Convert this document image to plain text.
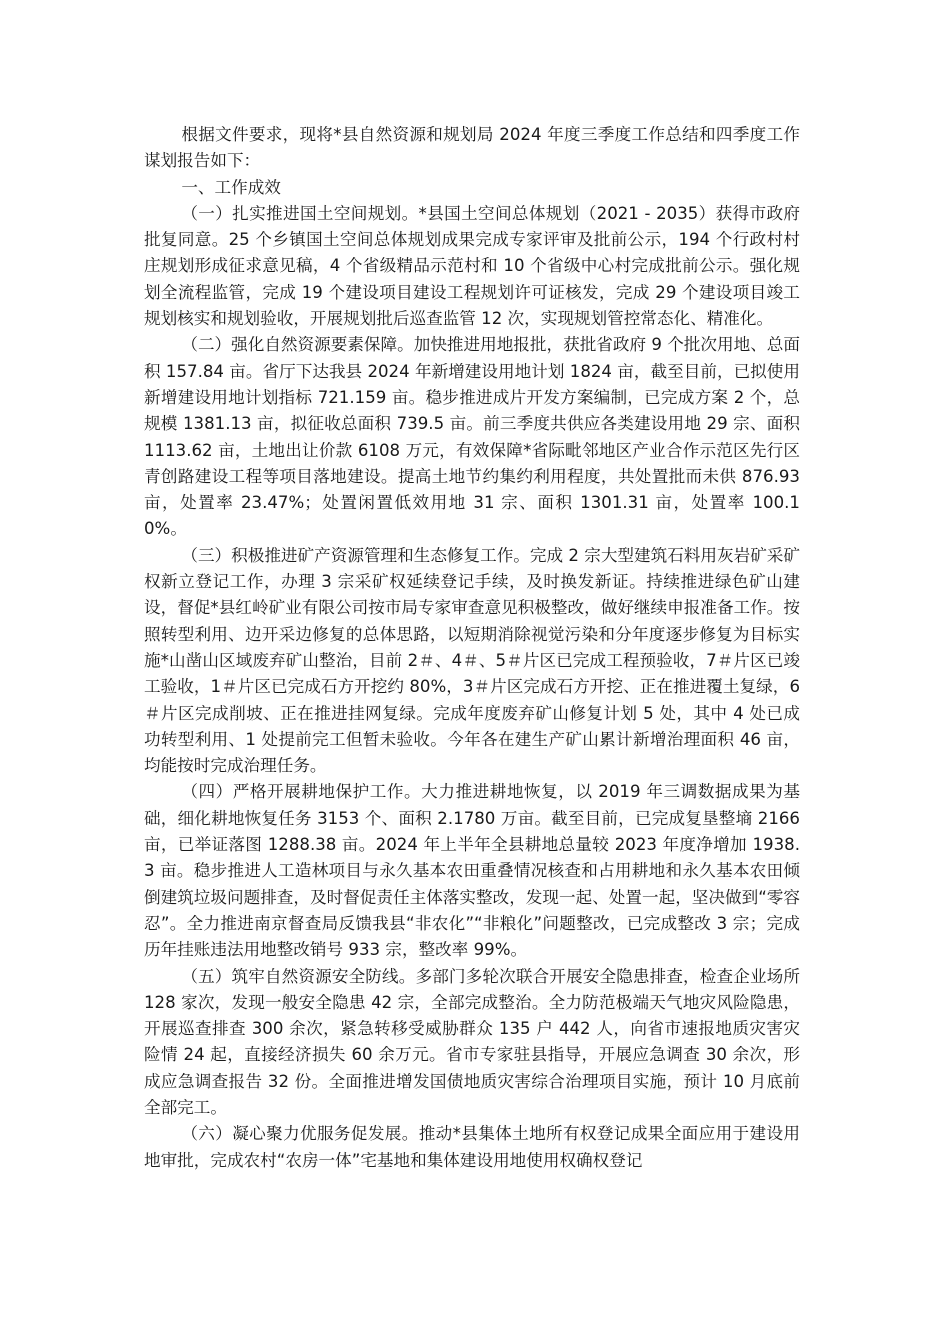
根据文件要求，现将*县自然资源和规划局 2024 年度三季度工作总结和四季度工作谋划报告如下：

一、工作成效

（一）扎实推进国土空间规划。*县国土空间总体规划（2021 - 2035）获得市政府批复同意。25 个乡镇国土空间总体规划成果完成专家评审及批前公示，194 个行政村村庄规划形成征求意见稿，4 个省级精品示范村和 10 个省级中心村完成批前公示。强化规划全流程监管，完成 19 个建设项目建设工程规划许可证核发，完成 29 个建设项目竣工规划核实和规划验收，开展规划批后巡查监管 12 次，实现规划管控常态化、精准化。

（二）强化自然资源要素保障。加快推进用地报批，获批省政府 9 个批次用地、总面积 157.84 亩。省厅下达我县 2024 年新增建设用地计划 1824 亩，截至目前，已拟使用新增建设用地计划指标 721.159 亩。稳步推进成片开发方案编制，已完成方案 2 个，总规模 1381.13 亩，拟征收总面积 739.5 亩。前三季度共供应各类建设用地 29 宗、面积 1113.62 亩，土地出让价款 6108 万元，有效保障*省际毗邻地区产业合作示范区先行区青创路建设工程等项目落地建设。提高土地节约集约利用程度，共处置批而未供 876.93 亩，处置率 23.47%；处置闲置低效用地 31 宗、面积 1301.31 亩，处置率 100.10%。

（三）积极推进矿产资源管理和生态修复工作。完成 2 宗大型建筑石料用灰岩矿采矿权新立登记工作，办理 3 宗采矿权延续登记手续，及时换发新证。持续推进绿色矿山建设，督促*县红岭矿业有限公司按市局专家审查意见积极整改，做好继续申报准备工作。按照转型利用、边开采边修复的总体思路，以短期消除视觉污染和分年度逐步修复为目标实施*山凿山区域废弃矿山整治，目前 2＃、4＃、5＃片区已完成工程预验收，7＃片区已竣工验收，1＃片区已完成石方开挖约 80%，3＃片区完成石方开挖、正在推进覆土复绿，6＃片区完成削坡、正在推进挂网复绿。完成年度废弃矿山修复计划 5 处，其中 4 处已成功转型利用、1 处提前完工但暂未验收。今年各在建生产矿山累计新增治理面积 46 亩，均能按时完成治理任务。

（四）严格开展耕地保护工作。大力推进耕地恢复，以 2019 年三调数据成果为基础，细化耕地恢复任务 3153 个、面积 2.1780 万亩。截至目前，已完成复垦整墒 2166 亩，已举证落图 1288.38 亩。2024 年上半年全县耕地总量较 2023 年度净增加 1938.3 亩。稳步推进人工造林项目与永久基本农田重叠情况核查和占用耕地和永久基本农田倾倒建筑垃圾问题排查，及时督促责任主体落实整改，发现一起、处置一起，坚决做到“零容忍”。全力推进南京督查局反馈我县“非农化”“非粮化”问题整改，已完成整改 3 宗；完成历年挂账违法用地整改销号 933 宗，整改率 99%。

（五）筑牢自然资源安全防线。多部门多轮次联合开展安全隐患排查，检查企业场所 128 家次，发现一般安全隐患 42 宗，全部完成整治。全力防范极端天气地灾风险隐患，开展巡查排查 300 余次，紧急转移受威胁群众 135 户 442 人，向省市速报地质灾害灾险情 24 起，直接经济损失 60 余万元。省市专家驻县指导，开展应急调查 30 余次，形成应急调查报告 32 份。全面推进增发国债地质灾害综合治理项目实施，预计 10 月底前全部完工。

（六）凝心聚力优服务促发展。推动*县集体土地所有权登记成果全面应用于建设用地审批，完成农村“农房一体”宅基地和集体建设用地使用权确权登记
